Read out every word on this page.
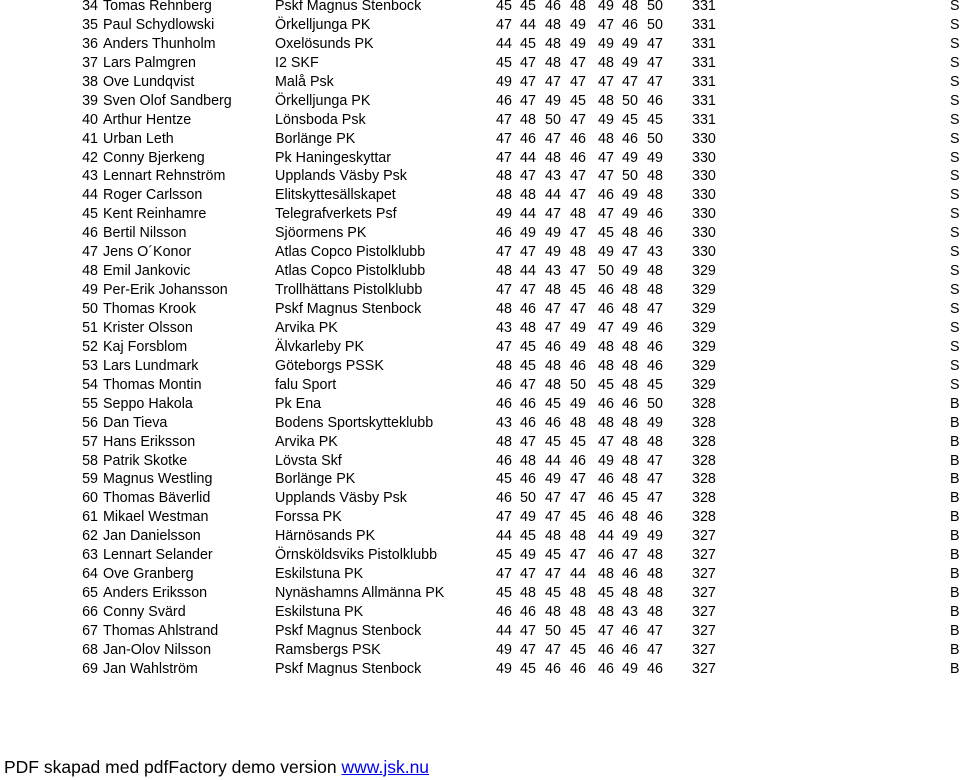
34 Tomas Rehnberg	Pskf Magnus Stenbock	45 45 46 48 49 48 50 331	S
35 Paul Schydlowski	Örkelljunga PK	47 44 48 49 47 46 50 331	S
36 Anders Thunholm	Oxelösunds PK	44 45 48 49 49 49 47 331	S
37 Lars Palmgren	I2 SKF	45 47 48 47 48 49 47 331	S
38 Ove Lundqvist	Malå Psk	49 47 47 47 47 47 47 331	S
39 Sven Olof Sandberg	Örkelljunga PK	46 47 49 45 48 50 46 331	S
40 Arthur Hentze	Lönsboda Psk	47 48 50 47 49 45 45 331	S
41 Urban Leth	Borlänge PK	47 46 47 46 48 46 50 330	S
42 Conny Bjerkeng	Pk Haningeskyttar	47 44 48 46 47 49 49 330	S
43 Lennart Rehnström	Upplands Väsby Psk	48 47 43 47 47 50 48 330	S
44 Roger Carlsson	Elitskyttesällskapet	48 48 44 47 46 49 48 330	S
45 Kent Reinhamre	Telegrafverkets Psf	49 44 47 48 47 49 46 330	S
46 Bertil Nilsson	Sjöormens PK	46 49 49 47 45 48 46 330	S
47 Jens O´Konor	Atlas Copco Pistolklubb	47 47 49 48 49 47 43 330	S
48 Emil Jankovic	Atlas Copco Pistolklubb	48 44 43 47 50 49 48 329	S
49 Per-Erik Johansson	Trollhättans Pistolklubb	47 47 48 45 46 48 48 329	S
50 Thomas Krook	Pskf Magnus Stenbock	48 46 47 47 46 48 47 329	S
51 Krister Olsson	Arvika PK	43 48 47 49 47 49 46 329	S
52 Kaj Forsblom	Älvkarleby PK	47 45 46 49 48 48 46 329	S
53 Lars Lundmark	Göteborgs PSSK	48 45 48 46 48 48 46 329	S
54 Thomas Montin	falu Sport	46 47 48 50 45 48 45 329	S
55 Seppo Hakola	Pk Ena	46 46 45 49 46 46 50 328	B
56 Dan Tieva	Bodens Sportskytteklubb	43 46 46 48 48 48 49 328	B
57 Hans Eriksson	Arvika PK	48 47 45 45 47 48 48 328	B
58 Patrik Skotke	Lövsta Skf	46 48 44 46 49 48 47 328	B
59 Magnus Westling	Borlänge PK	45 46 49 47 46 48 47 328	B
60 Thomas Bäverlid	Upplands Väsby Psk	46 50 47 47 46 45 47 328	B
61 Mikael Westman	Forssa PK	47 49 47 45 46 48 46 328	B
62 Jan Danielsson	Härnösands PK	44 45 48 48 44 49 49 327	B
63 Lennart Selander	Örnsköldsviks Pistolklubb	45 49 45 47 46 47 48 327	B
64 Ove Granberg	Eskilstuna PK	47 47 47 44 48 46 48 327	B
65 Anders Eriksson	Nynäshamns Allmänna PK	45 48 45 48 45 48 48 327	B
66 Conny Svärd	Eskilstuna PK	46 46 48 48 48 43 48 327	B
67 Thomas Ahlstrand	Pskf Magnus Stenbock	44 47 50 45 47 46 47 327	B
68 Jan-Olov Nilsson	Ramsbergs PSK	49 47 47 45 46 46 47 327	B
69 Jan Wahlström	Pskf Magnus Stenbock	49 45 46 46 46 49 46 327	B
PDF skapad med pdfFactory demo version www.jsk.nu
